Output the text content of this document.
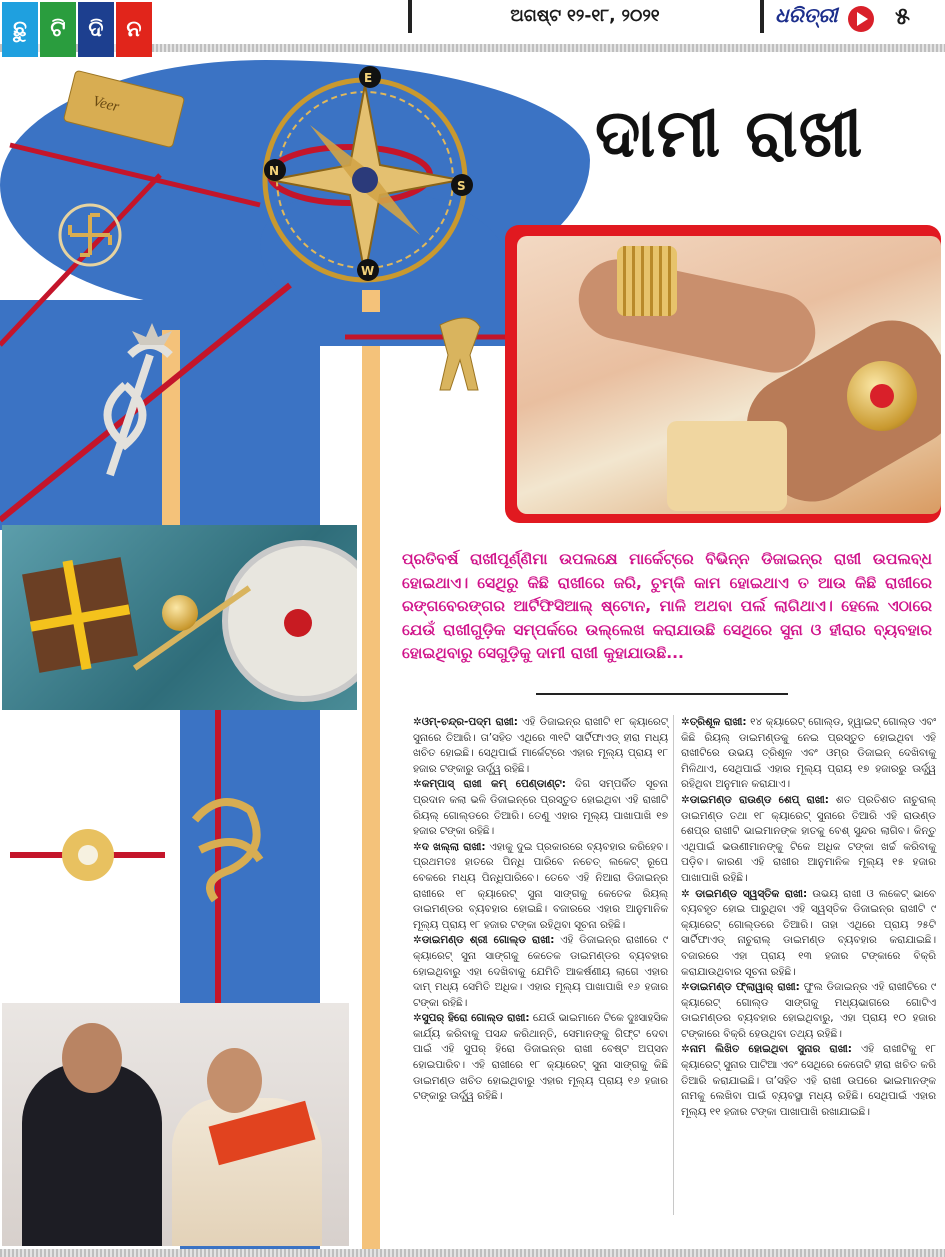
ଛୁ	ଟି	ଦି	ନ
ଅଗଷ୍ଟ ୧୨-୧୮, ୨୦୨୧	ଧରିତ୍ରୀ ୫
Veer
E
N
S
W
ଦାମୀ ରାଖୀ
ପ୍ରତିବର୍ଷ ରାଖୀପୂର୍ଣ୍ଣିମା ଉପଲକ୍ଷେ ମାର୍କେଟ୍‌ରେ ବିଭିନ୍ନ ଡିଜାଇନ୍‌ର ରାଖୀ ଉପଲବ୍ଧ ହୋଇଥାଏ। ସେଥିରୁ କିଛି ରାଖୀରେ ଜରି, ଚୁମ୍‌କି କାମ ହୋଇଥାଏ ତ ଆଉ କିଛି ରାଖୀରେ ରଙ୍ଗବେରଙ୍ଗର ଆର୍ଟିଫିସିଆଲ୍ ଷ୍ଟୋନ, ମାଳି ଅଥବା ପର୍ଲ ଲାଗିଥାଏ। ହେଲେ ଏଠାରେ ଯେଉଁ ରାଖୀଗୁଡ଼ିକ ସମ୍ପର୍କରେ ଉଲ୍ଲେଖ କରାଯାଉଛି ସେଥିରେ ସୁନା ଓ ହୀରାର ବ୍ୟବହାର ହୋଇଥିବାରୁ ସେଗୁଡ଼ିକୁ ଦାମୀ ରାଖୀ କୁହାଯାଉଛି...

✲ଓମ୍-ଚନ୍ଦ୍ର-ପଦ୍ମ ରାଖୀ: ଏହି ଡିଜାଇନ୍‌ର ରାଖୀଟି ୧୮ କ୍ୟାରେଟ୍ ସୁନାରେ ତିଆରି। ତା’ସହିତ ଏଥିରେ ୩୧ଟି ସାର୍ଟିଫାଏଡ୍ ହୀରା ମଧ୍ୟ ଖଚିତ ହୋଇଛି। ସେଥିପାଇଁ ମାର୍କେଟ୍‌ରେ ଏହାର ମୂଲ୍ୟ ପ୍ରାୟ ୧୮ ହଜାର ଟଙ୍କାରୁ ଊର୍ଦ୍ଧ୍ୱ ରହିଛି।

✲କମ୍ପାସ୍ ରାଖୀ କମ୍ ପେଣ୍ଡାଣ୍ଟ: ଦିଗ ସମ୍ପର୍କିତ ସୂଚନା ପ୍ରଦାନ କଲା ଭଳି ଡିଜାଇନ୍‌ରେ ପ୍ରସ୍ତୁତ ହୋଇଥିବା ଏହି ରାଖୀଟି ରିୟଲ୍ ଗୋଲ୍ଡରେ ତିଆରି। ତେଣୁ ଏହାର ମୂଲ୍ୟ ପାଖାପାଖି ୧୭ ହଜାର ଟଙ୍କା ରହିଛି।

✲ଦ ଖଲ୍ଲା ରାଖୀ: ଏହାକୁ ଦୁଇ ପ୍ରକାରରେ ବ୍ୟବହାର କରିହେବ। ପ୍ରଥମତଃ ହାତରେ ପିନ୍ଧି ପାରିବେ ନଚେତ୍ ଲକେଟ୍ ରୂପେ ବେକରେ ମଧ୍ୟ ପିନ୍ଧିପାରିବେ। ତେବେ ଏହି ନିଆରା ଡିଜାଇନ୍‌ର ରାଖୀରେ ୧୮ କ୍ୟାରେଟ୍ ସୁନା ସାଙ୍ଗକୁ କେତେକ ରିୟଲ୍ ଡାଇମଣ୍ଡର ବ୍ୟବହାର ହୋଇଛି। ବଜାରରେ ଏହାର ଆନୁମାନିକ ମୂଲ୍ୟ ପ୍ରାୟ ୧୮ ହଜାର ଟଙ୍କା ରହିଥିବା ସୂଚନା ରହିଛି।

✲ଡାଇମଣ୍ଡ ଶ୍ରୀ ଗୋଲ୍ଡ ରାଖୀ: ଏହି ଡିଜାଇନ୍‌ର ରାଖୀରେ ୯ କ୍ୟାରେଟ୍ ସୁନା ସାଙ୍ଗକୁ କେତେକ ଡାଇମଣ୍ଡର ବ୍ୟବହାର ହୋଇଥିବାରୁ ଏହା ଦେଖିବାକୁ ଯେମିତି ଆକର୍ଷଣୀୟ ଲାଗେ ଏହାର ଦାମ୍ ମଧ୍ୟ ସେମିତି ଅଧିକ। ଏହାର ମୂଲ୍ୟ ପାଖାପାଖି ୧୬ ହଜାର ଟଙ୍କା ରହିଛି।

✲ସୁପର୍ ହିରୋ ଗୋଲ୍ଡ ରାଖୀ: ଯେଉଁ ଭାଇମାନେ ଟିକେ ଦୁଃସାହସିକ କାର୍ଯ୍ୟ କରିବାକୁ ପସନ୍ଦ କରିଥାନ୍ତି, ସେମାନଙ୍କୁ ଗିଫ୍ଟ ଦେବା ପାଇଁ ଏହି ସୁପର୍ ହିରୋ ଡିଜାଇନ୍‌ର ରାଖୀ ବେଷ୍ଟ ଅପ୍ସନ ହୋଇପାରିବ। ଏହି ରାଖୀରେ ୧୮ କ୍ୟାରେଟ୍ ସୁନା ସାଙ୍ଗକୁ କିଛି ଡାଇମଣ୍ଡ ଖଚିତ ହୋଇଥିବାରୁ ଏହାର ମୂଲ୍ୟ ପ୍ରାୟ ୧୬ ହଜାର ଟଙ୍କାରୁ ଊର୍ଦ୍ଧ୍ୱ ରହିଛି।

✲ତ୍ରିଶୂଳ ରାଖୀ: ୧୪ କ୍ୟାରେଟ୍ ଗୋଲ୍ଡ, ହ୍ୱାଇଟ୍ ଗୋଲ୍ଡ ଏବଂ କିଛି ରିୟଲ୍ ଡାଇମଣ୍ଡକୁ ନେଇ ପ୍ରସ୍ତୁତ ହୋଇଥିବା ଏହି ରାଖୀଟିରେ ଉଭୟ ତ୍ରିଶୂଳ ଏବଂ ଓମ୍‌ର ଡିଜାଇନ୍ ଦେଖିବାକୁ ମିଳିଥାଏ, ସେଥିପାଇଁ ଏହାର ମୂଲ୍ୟ ପ୍ରାୟ ୧୭ ହଜାରରୁ ଊର୍ଦ୍ଧ୍ୱ ରହିଥିବା ଅନୁମାନ କରାଯାଏ।

✲ଡାଇମଣ୍ଡ ରାଉଣ୍ଡ ଶେପ୍ ରାଖୀ: ଶତ ପ୍ରତିଶତ ନାଚୁରାଲ୍ ଡାଇମଣ୍ଡ ତଥା ୧୮ କ୍ୟାରେଟ୍ ସୁନାରେ ତିଆରି ଏହି ରାଉଣ୍ଡ ଶେପ୍‌ର ରାଖୀଟି ଭାଇମାନଙ୍କ ହାତକୁ ବେଶ୍ ସୁନ୍ଦର ଲାଗିବ। କିନ୍ତୁ ଏଥିପାଇଁ ଭଉଣୀମାନଙ୍କୁ ଟିକେ ଅଧିକ ଟଙ୍କା ଖର୍ଚ୍ଚ କରିବାକୁ ପଡ଼ିବ। କାରଣ ଏହି ରାଖୀର ଆନୁମାନିକ ମୂଲ୍ୟ ୧୫ ହଜାର ପାଖାପାଖି ରହିଛି।

✲ ଡାଇମଣ୍ଡ ସ୍ୱସ୍ତିକ ରାଖୀ: ଉଭୟ ରାଖୀ ଓ ଲକେଟ୍ ଭାବେ ବ୍ୟବହୃତ ହୋଇ ପାରୁଥିବା ଏହି ସ୍ୱସ୍ତିକ ଡିଜାଇନ୍‌ର ରାଖୀଟି ୯ କ୍ୟାରେଟ୍ ଗୋଲ୍ଡରେ ତିଆରି। ତାହା ଏଥିରେ ପ୍ରାୟ ୨୫ଟି ସାର୍ଟିଫାଏଡ୍ ନାଚୁରାଲ୍ ଡାଇମଣ୍ଡ ବ୍ୟବହାର କରାଯାଇଛି। ବଜାରରେ ଏହା ପ୍ରାୟ ୧୩ ହଜାର ଟଙ୍କାରେ ବିକ୍ରି କରାଯାଉଥିବାର ସୂଚନା ରହିଛି।

✲ଡାଇମଣ୍ଡ ଫ୍ଲାୱାର୍ ରାଖୀ: ଫୁଲ ଡିଜାଇନ୍‌ର ଏହି ରାଖୀଟିରେ ୯ କ୍ୟାରେଟ୍ ଗୋଲ୍ଡ ସାଙ୍ଗକୁ ମଧ୍ୟଭାଗରେ ଗୋଟିଏ ଡାଇମଣ୍ଡର ବ୍ୟବହାର ହୋଇଥିବାରୁ, ଏହା ପ୍ରାୟ ୧୦ ହଜାର ଟଙ୍କାରେ ବିକ୍ରି ହେଉଥିବା ତଥ୍ୟ ରହିଛି।

✲ନାମ ଲିଖିତ ହୋଇଥିବା ସୁନାର ରାଖୀ: ଏହି ରାଖୀଟିକୁ ୧୮ କ୍ୟାରେଟ୍ ସୁନାର ପାଟିଆ ଏବଂ ସେଥିରେ କେତୋଟି ହୀରା ଖଚିତ କରି ତିଆରି କରାଯାଇଛି। ତା’ସହିତ ଏହି ରାଖୀ ଉପରେ ଭାଇମାନଙ୍କ ନାମକୁ ଲେଖିବା ପାଇଁ ବ୍ୟବସ୍ଥା ମଧ୍ୟ ରହିଛି। ସେଥିପାଇଁ ଏହାର ମୂଲ୍ୟ ୧୧ ହଜାର ଟଙ୍କା ପାଖାପାଖି ରଖାଯାଇଛି।
